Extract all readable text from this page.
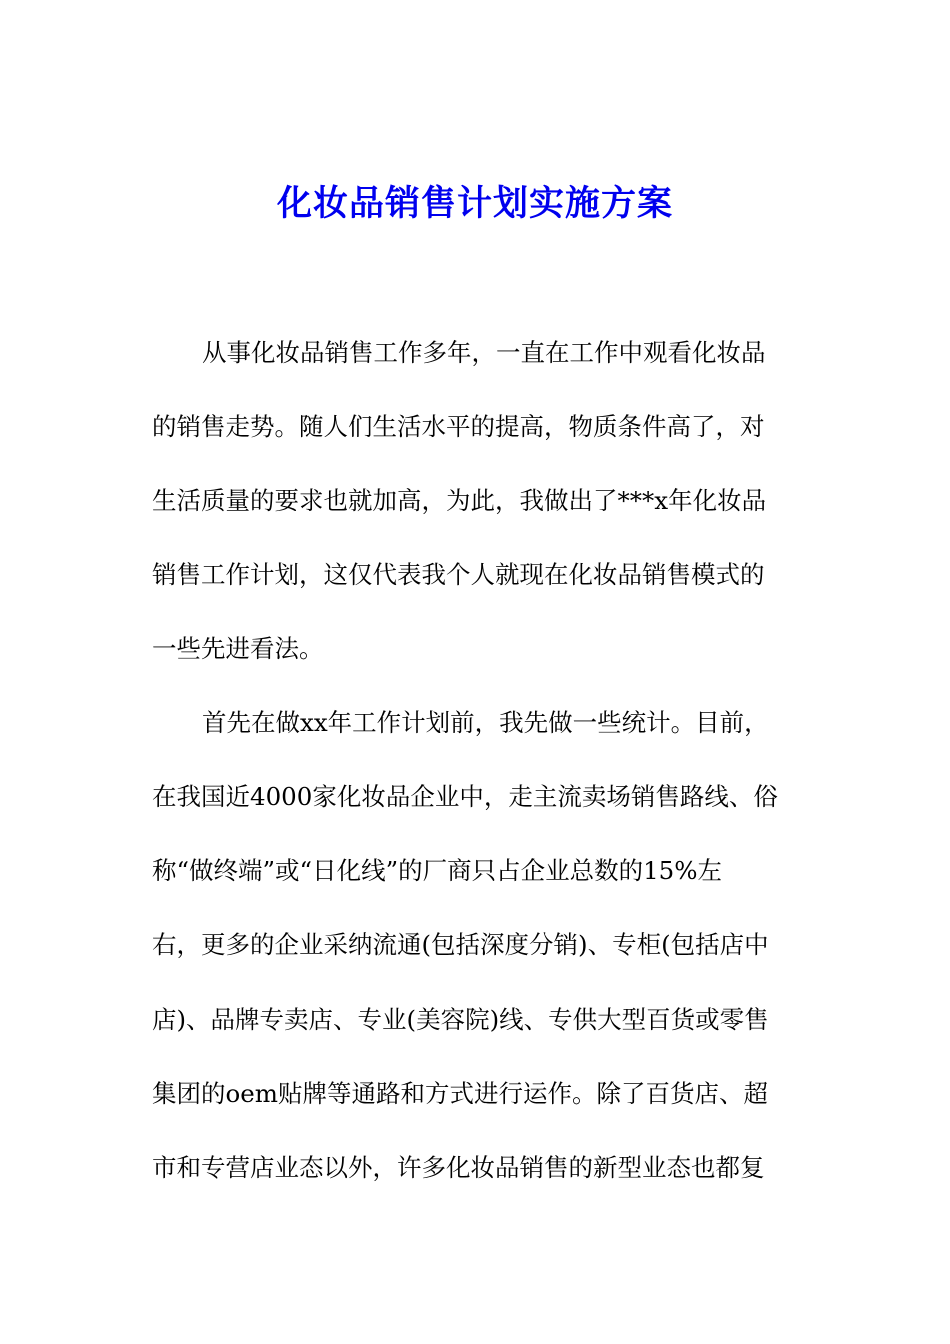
化妆品销售计划实施方案
从事化妆品销售工作多年，一直在工作中观看化妆品
的销售走势。随人们生活水平的提高，物质条件高了，对
生活质量的要求也就加高，为此，我做出了***x年化妆品
销售工作计划，这仅代表我个人就现在化妆品销售模式的
一些先进看法。
首先在做xx年工作计划前，我先做一些统计。目前，
在我国近4000家化妆品企业中，走主流卖场销售路线、俗
称“做终端”或“日化线”的厂商只占企业总数的15%左
右，更多的企业采纳流通(包括深度分销)、专柜(包括店中
店)、品牌专卖店、专业(美容院)线、专供大型百货或零售
集团的oem贴牌等通路和方式进行运作。除了百货店、超
市和专营店业态以外，许多化妆品销售的新型业态也都复
